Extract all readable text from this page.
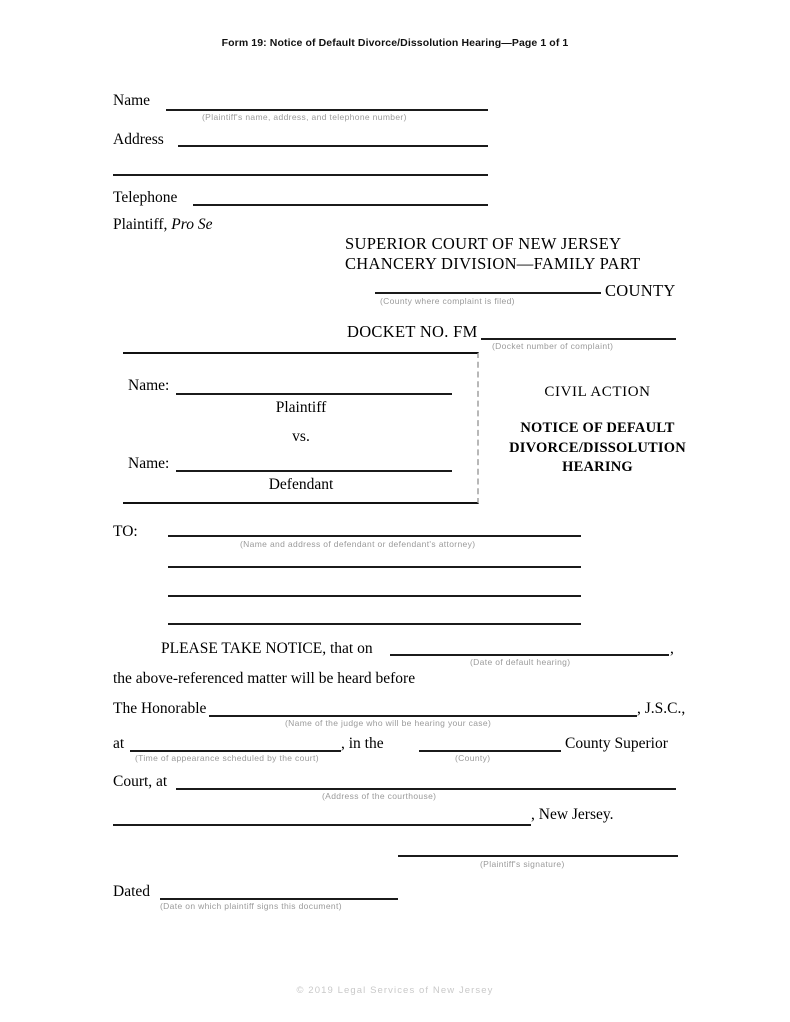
Form 19: Notice of Default Divorce/Dissolution Hearing—Page 1 of 1
Name
(Plaintiff's name, address, and telephone number)
Address
Telephone
Plaintiff, Pro Se
SUPERIOR COURT OF NEW JERSEY
CHANCERY DIVISION—FAMILY PART
COUNTY
(County where complaint is filed)
DOCKET NO. FM
(Docket number of complaint)
Name:
Plaintiff
vs.
Name:
Defendant
CIVIL ACTION
NOTICE OF DEFAULT
DIVORCE/DISSOLUTION
HEARING
TO:
(Name and address of defendant or defendant's attorney)
PLEASE TAKE NOTICE, that on	,
(Date of default hearing)
the above-referenced matter will be heard before
The Honorable	, J.S.C.,
(Name of the judge who will be hearing your case)
at	, in the
(Time of appearance scheduled by the court)	(County)
County Superior
Court, at
(Address of the courthouse)
, New Jersey.
(Plaintiff's signature)
Dated
(Date on which plaintiff signs this document)
© 2019 Legal Services of New Jersey
